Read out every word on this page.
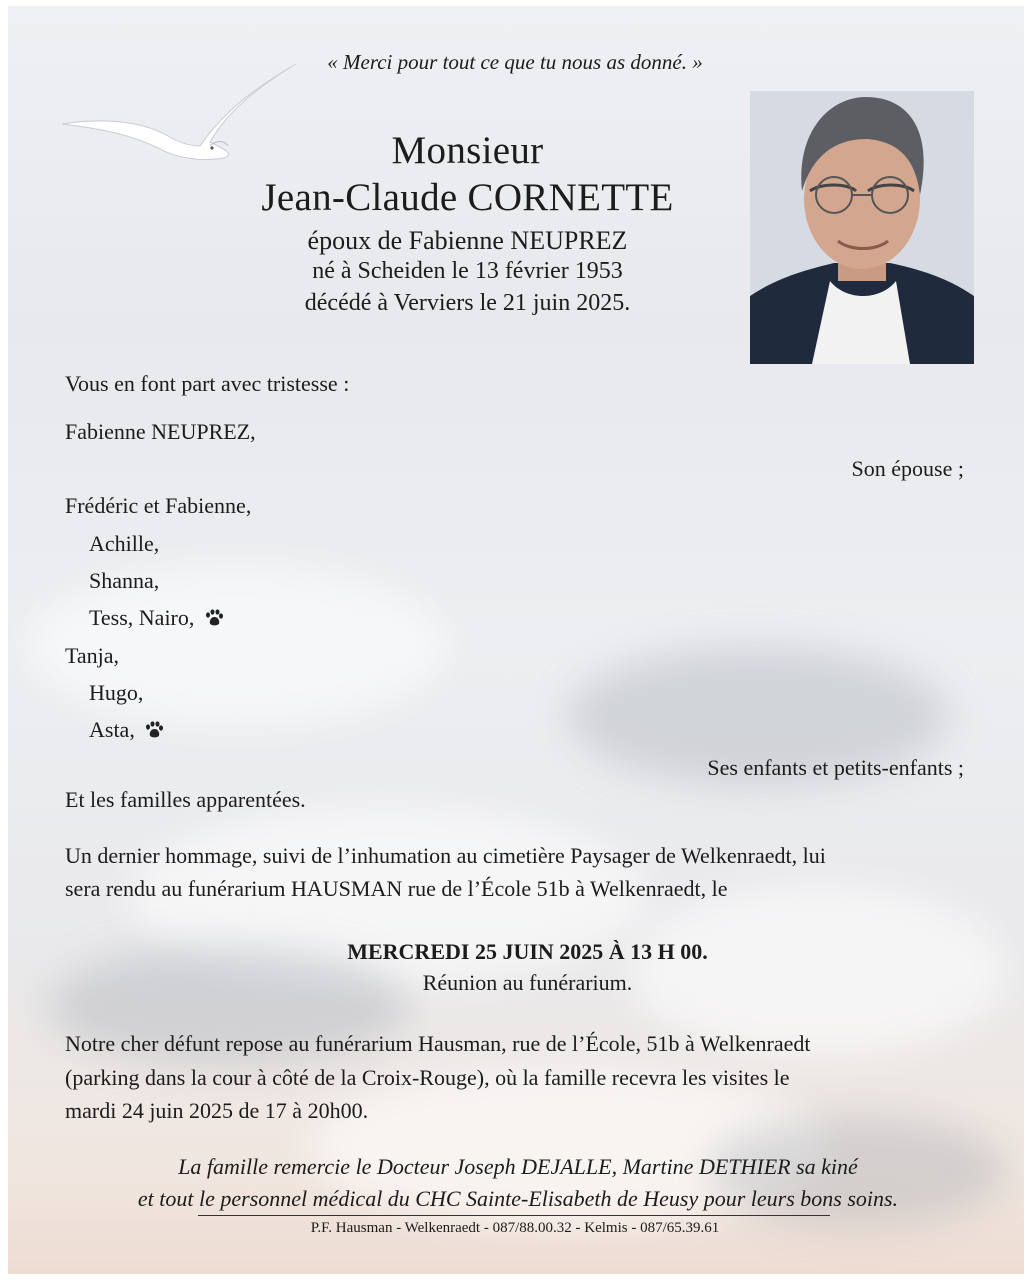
« Merci pour tout ce que tu nous as donné. »
Monsieur
Jean-Claude CORNETTE
époux de Fabienne NEUPREZ
né à Scheiden le 13 février 1953
décédé à Verviers le 21 juin 2025.
Vous en font part avec tristesse :
Fabienne NEUPREZ,
Son épouse ;
Frédéric et Fabienne,
Achille,
Shanna,
Tess, Nairo,
Tanja,
Hugo,
Asta,
Ses enfants et petits-enfants ;
Et les familles apparentées.
Un dernier hommage, suivi de l’inhumation au cimetière Paysager de Welkenraedt, lui
sera rendu au funérarium HAUSMAN rue de l’École 51b à Welkenraedt, le
MERCREDI 25 JUIN 2025 À 13 H 00.
Réunion au funérarium.
Notre cher défunt repose au funérarium Hausman, rue de l’École, 51b à Welkenraedt
(parking dans la cour à côté de la Croix-Rouge), où la famille recevra les visites le
mardi 24 juin 2025 de 17 à 20h00.
La famille remercie le Docteur Joseph DEJALLE, Martine DETHIER sa kiné
et tout le personnel médical du CHC Sainte-Elisabeth de Heusy pour leurs bons soins.
P.F. Hausman - Welkenraedt - 087/88.00.32 - Kelmis - 087/65.39.61
